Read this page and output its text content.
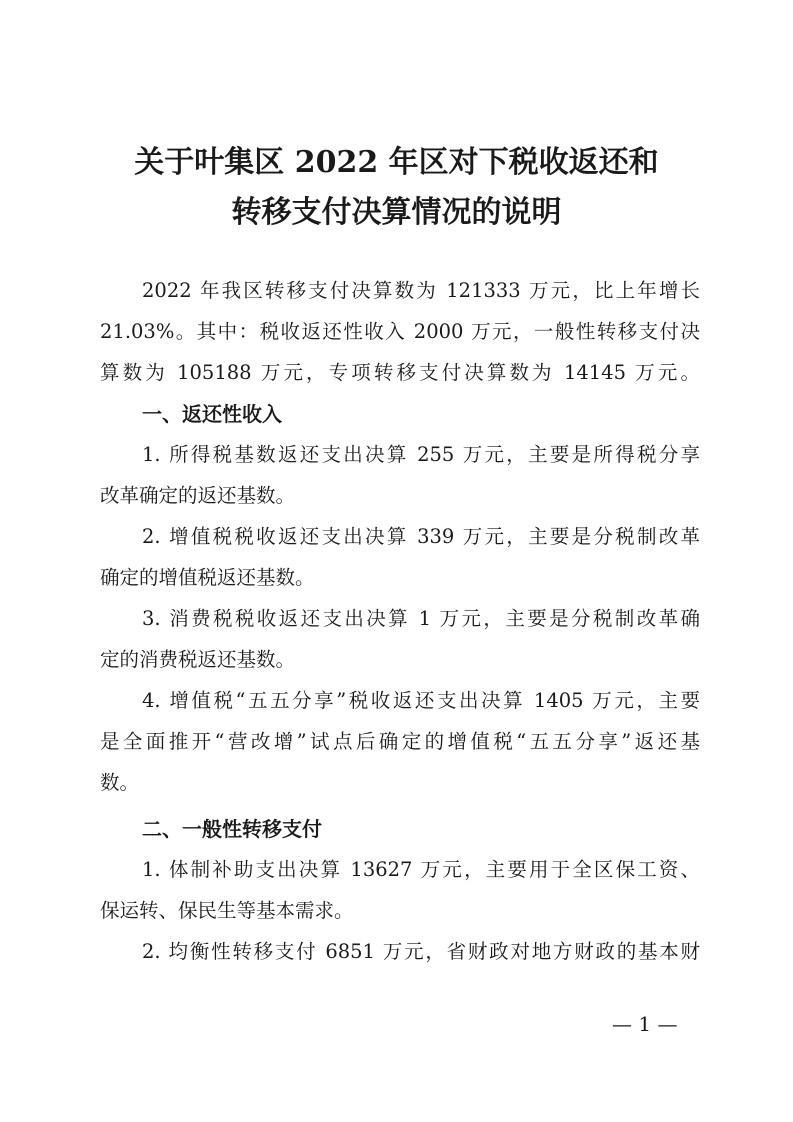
关于叶集区 2022 年区对下税收返还和
转移支付决算情况的说明
2022 年我区转移支付决算数为 121333 万元，比上年增长
21.03%。其中：税收返还性收入 2000 万元，一般性转移支付决
算数为 105188 万元，专项转移支付决算数为 14145 万元。
一、返还性收入
1. 所得税基数返还支出决算 255 万元，主要是所得税分享
改革确定的返还基数。
2. 增值税税收返还支出决算 339 万元，主要是分税制改革
确定的增值税返还基数。
3. 消费税税收返还支出决算 1 万元，主要是分税制改革确
定的消费税返还基数。
4. 增值税“五五分享”税收返还支出决算 1405 万元，主要
是全面推开“营改增”试点后确定的增值税“五五分享”返还基
数。
二、一般性转移支付
1. 体制补助支出决算 13627 万元，主要用于全区保工资、
保运转、保民生等基本需求。
2. 均衡性转移支付 6851 万元，省财政对地方财政的基本财
— 1 —
